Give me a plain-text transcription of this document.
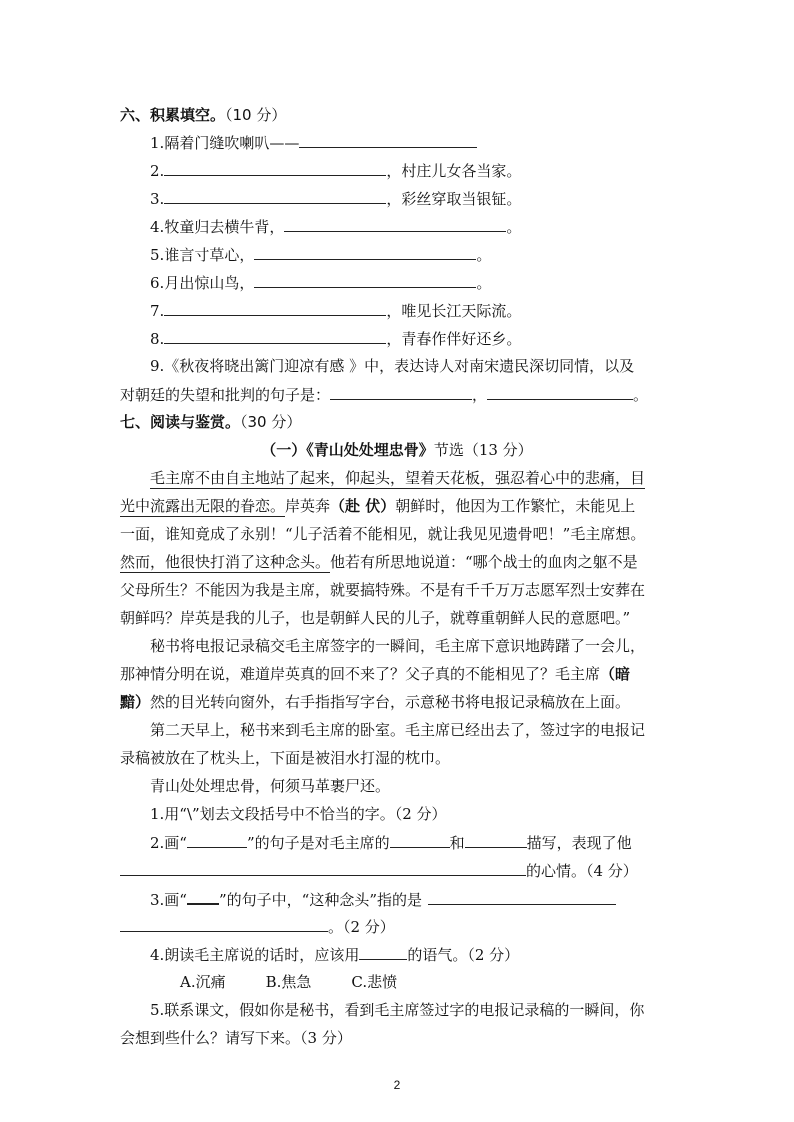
六、积累填空。（10 分）
1.隔着门缝吹喇叭——
2.	，村庄儿女各当家。
3.	，彩丝穿取当银钲。
4.牧童归去横牛背，	。
5.谁言寸草心，	。
6.月出惊山鸟，	。
7.	，唯见长江天际流。
8.	，青春作伴好还乡。
9.《秋夜将晓出篱门迎凉有感 》中，表达诗人对南宋遗民深切同情，以及
对朝廷的失望和批判的句子是：	，	。
七、阅读与鉴赏。（30 分）
（一）《青山处处埋忠骨》节选（13 分）
毛主席不由自主地站了起来，仰起头，望着天花板，强忍着心中的悲痛，目
光中流露出无限的眷恋。岸英奔（赴 伏）朝鲜时，他因为工作繁忙，未能见上
一面，谁知竟成了永别！“儿子活着不能相见，就让我见见遗骨吧！”毛主席想。
然而，他很快打消了这种念头。他若有所思地说道：“哪个战士的血肉之躯不是
父母所生？不能因为我是主席，就要搞特殊。不是有千千万万志愿军烈士安葬在
朝鲜吗？岸英是我的儿子，也是朝鲜人民的儿子，就尊重朝鲜人民的意愿吧。”
秘书将电报记录稿交毛主席签字的一瞬间，毛主席下意识地踌躇了一会儿，
那神情分明在说，难道岸英真的回不来了？父子真的不能相见了？毛主席（暗
黯）然的目光转向窗外，右手指指写字台，示意秘书将电报记录稿放在上面。
第二天早上，秘书来到毛主席的卧室。毛主席已经出去了，签过字的电报记
录稿被放在了枕头上，下面是被泪水打湿的枕巾。
青山处处埋忠骨，何须马革裹尸还。
1.用“\”划去文段括号中不恰当的字。（2 分）
2.画“	”的句子是对毛主席的	和	描写，表现了他
的心情。（4 分）
3.画“ ”的句子中，“这种念头”指的是
。（2 分）
4.朗读毛主席说的话时，应该用	的语气。（2 分）
A.沉痛	B.焦急	C.悲愤
5.联系课文，假如你是秘书，看到毛主席签过字的电报记录稿的一瞬间，你
会想到些什么？请写下来。（3 分）
2
